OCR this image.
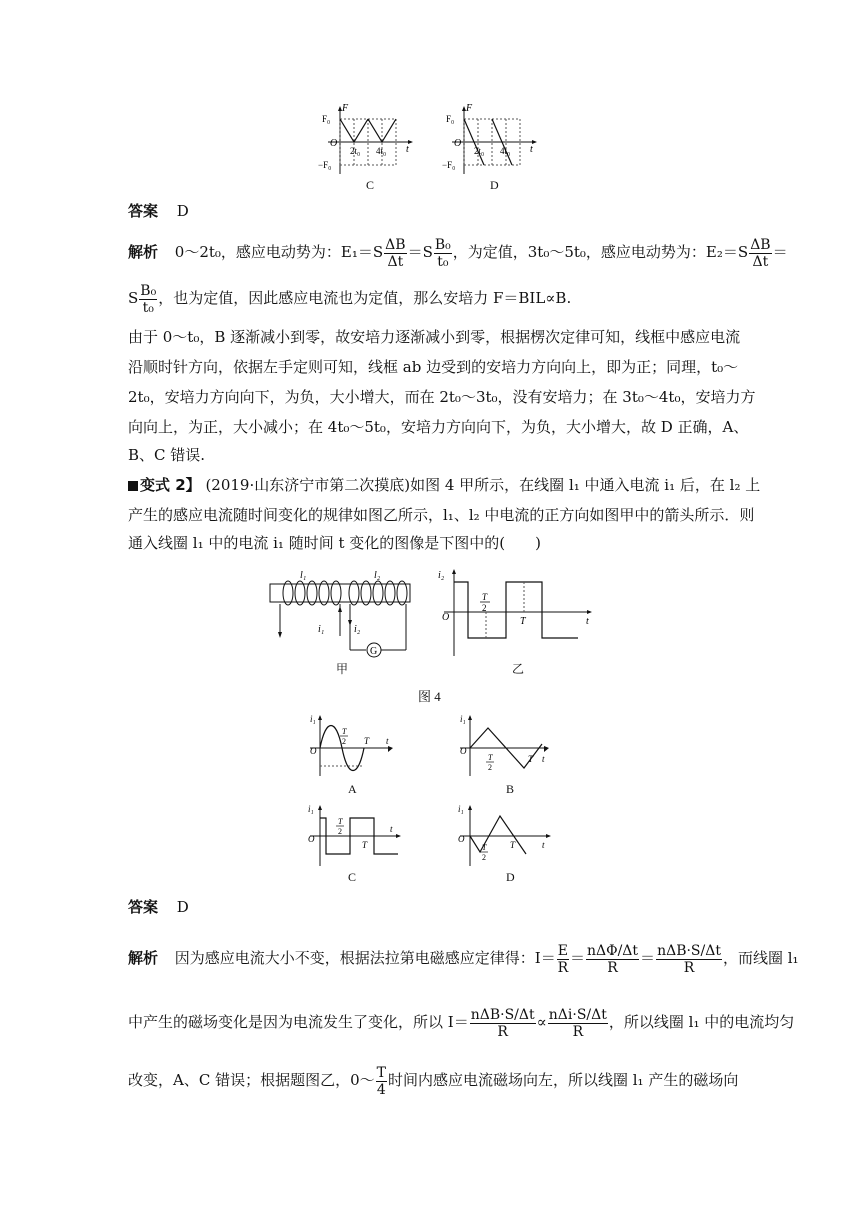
F
F₀
O
−F₀
2t₀ 4t₀ t
C
F
F₀
O
−F₀
2t₀ 4t₀ t
D
答案 D
解析 0～2t₀，感应电动势为：$E_1=S \frac{\Delta B}{\Delta t} =S \frac{\text{B₀}}{\text{t₀}}$ ，为定值，3t₀～5t₀，感应电动势为：$E_2=S \frac{\Delta B}{\Delta t}$ ＝
S $\frac{\text{B₀}}{\text{t₀}}$ ，也为定值，因此感应电流也为定值，那么安培力 F＝BIL∝B.
由于 0～t₀，B 逐渐减小到零，故安培力逐渐减小到零，根据楞次定律可知，线框中感应电流
沿顺时针方向，依据左手定则可知，线框 ab 边受到的安培力方向向上，即为正；同理，t₀～
2t₀，安培力方向向下，为负，大小增大，而在 2t₀～3t₀，没有安培力；在 3t₀～4t₀，安培力方
向向上，为正，大小减小；在 4t₀～5t₀，安培力方向向下，为负，大小增大，故 D 正确，A、
B、C 错误.
变式 2】 (2019·山东济宁市第二次摸底)如图 4 甲所示，在线圈 l₁ 中通入电流 i₁ 后，在 l₂ 上
产生的感应电流随时间变化的规律如图乙所示，l₁、l₂ 中电流的正方向如图甲中的箭头所示．则
通入线圈 l₁ 中的电流 i₁ 随时间 t 变化的图像是下图中的(　　)
G
l₁	l₂
i₁	i₂
甲
i₂
O
T
2
T	t
乙
图 4
i₁
O
T
2 T t
A
i₁
O
T
2
T t
B
i₁
O
T
2
T
t
C
i₁
O
T
2
T	t
D
答案 D
解析 因为感应电流大小不变，根据法拉第电磁感应定律得：$I= \frac{E}{R} = \frac{\text{nΔΦ/Δt}}{R} = \frac{\text{nΔB·S/Δt}}{R}$ ，而线圈 l₁
中产生的磁场变化是因为电流发生了变化，所以 $I= \frac{\text{nΔB·S/Δt}}{R} \propto \frac{\text{nΔi·S/Δt}}{R}$ ，所以线圈 l₁ 中的电流均匀
改变，A、C 错误；根据题图乙，0～ $\frac{T}{4}$ 时间内感应电流磁场向左，所以线圈 l₁ 产生的磁场向
